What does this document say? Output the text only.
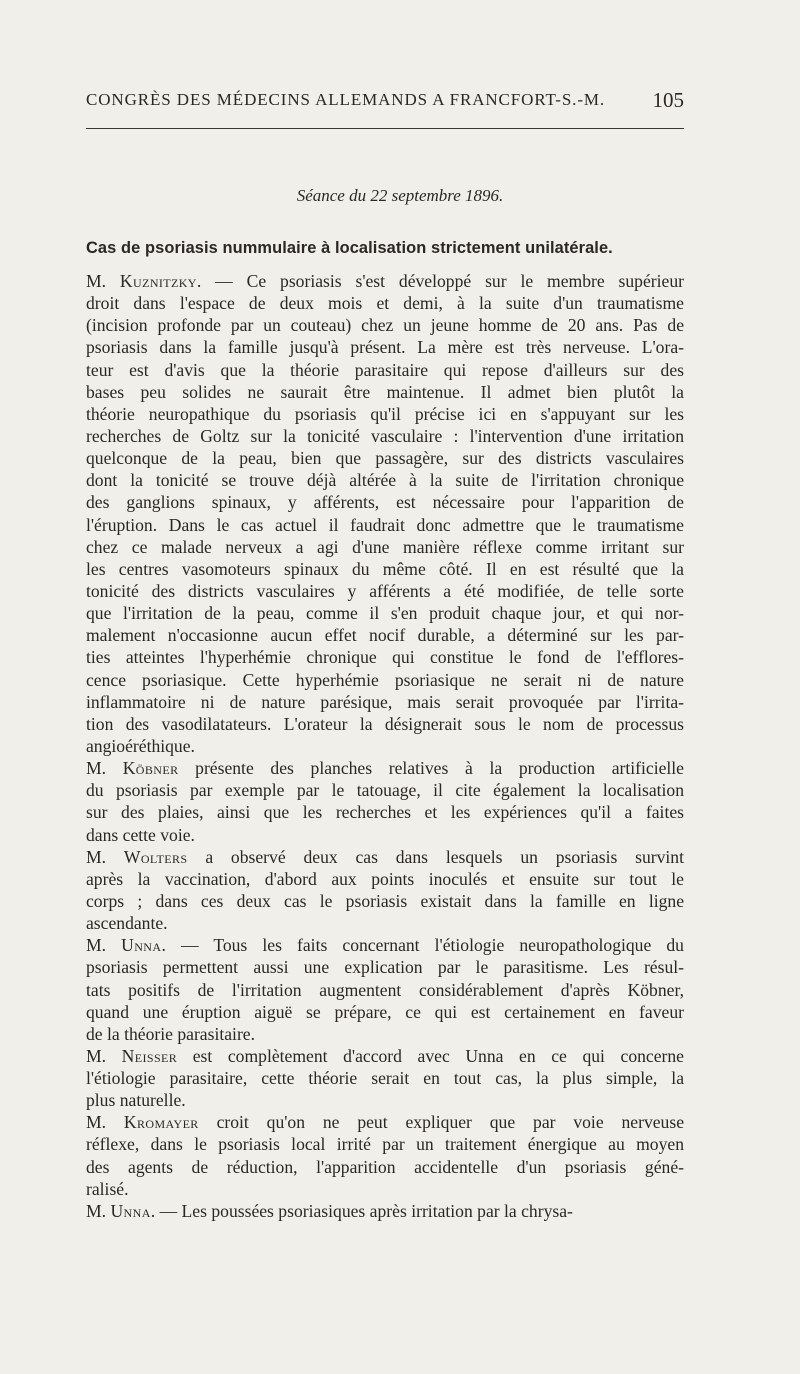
CONGRÈS DES MÉDECINS ALLEMANDS A FRANCFORT-S.-M. 105
Séance du 22 septembre 1896.
Cas de psoriasis nummulaire à localisation strictement unilatérale.
M. Kuznitzky. — Ce psoriasis s'est développé sur le membre supérieur
droit dans l'espace de deux mois et demi, à la suite d'un traumatisme
(incision profonde par un couteau) chez un jeune homme de 20 ans. Pas de
psoriasis dans la famille jusqu'à présent. La mère est très nerveuse. L'ora-
teur est d'avis que la théorie parasitaire qui repose d'ailleurs sur des
bases peu solides ne saurait être maintenue. Il admet bien plutôt la
théorie neuropathique du psoriasis qu'il précise ici en s'appuyant sur les
recherches de Goltz sur la tonicité vasculaire : l'intervention d'une irritation
quelconque de la peau, bien que passagère, sur des districts vasculaires
dont la tonicité se trouve déjà altérée à la suite de l'irritation chronique
des ganglions spinaux, y afférents, est nécessaire pour l'apparition de
l'éruption. Dans le cas actuel il faudrait donc admettre que le traumatisme
chez ce malade nerveux a agi d'une manière réflexe comme irritant sur
les centres vasomoteurs spinaux du même côté. Il en est résulté que la
tonicité des districts vasculaires y afférents a été modifiée, de telle sorte
que l'irritation de la peau, comme il s'en produit chaque jour, et qui nor-
malement n'occasionne aucun effet nocif durable, a déterminé sur les par-
ties atteintes l'hyperhémie chronique qui constitue le fond de l'efflores-
cence psoriasique. Cette hyperhémie psoriasique ne serait ni de nature
inflammatoire ni de nature parésique, mais serait provoquée par l'irrita-
tion des vasodilatateurs. L'orateur la désignerait sous le nom de processus
angioéréthique.
M. Köbner présente des planches relatives à la production artificielle
du psoriasis par exemple par le tatouage, il cite également la localisation
sur des plaies, ainsi que les recherches et les expériences qu'il a faites
dans cette voie.
M. Wolters a observé deux cas dans lesquels un psoriasis survint
après la vaccination, d'abord aux points inoculés et ensuite sur tout le
corps ; dans ces deux cas le psoriasis existait dans la famille en ligne
ascendante.
M. Unna. — Tous les faits concernant l'étiologie neuropathologique du
psoriasis permettent aussi une explication par le parasitisme. Les résul-
tats positifs de l'irritation augmentent considérablement d'après Köbner,
quand une éruption aiguë se prépare, ce qui est certainement en faveur
de la théorie parasitaire.
M. Neisser est complètement d'accord avec Unna en ce qui concerne
l'étiologie parasitaire, cette théorie serait en tout cas, la plus simple, la
plus naturelle.
M. Kromayer croit qu'on ne peut expliquer que par voie nerveuse
réflexe, dans le psoriasis local irrité par un traitement énergique au moyen
des agents de réduction, l'apparition accidentelle d'un psoriasis géné-
ralisé.
M. Unna. — Les poussées psoriasiques après irritation par la chrysa-
